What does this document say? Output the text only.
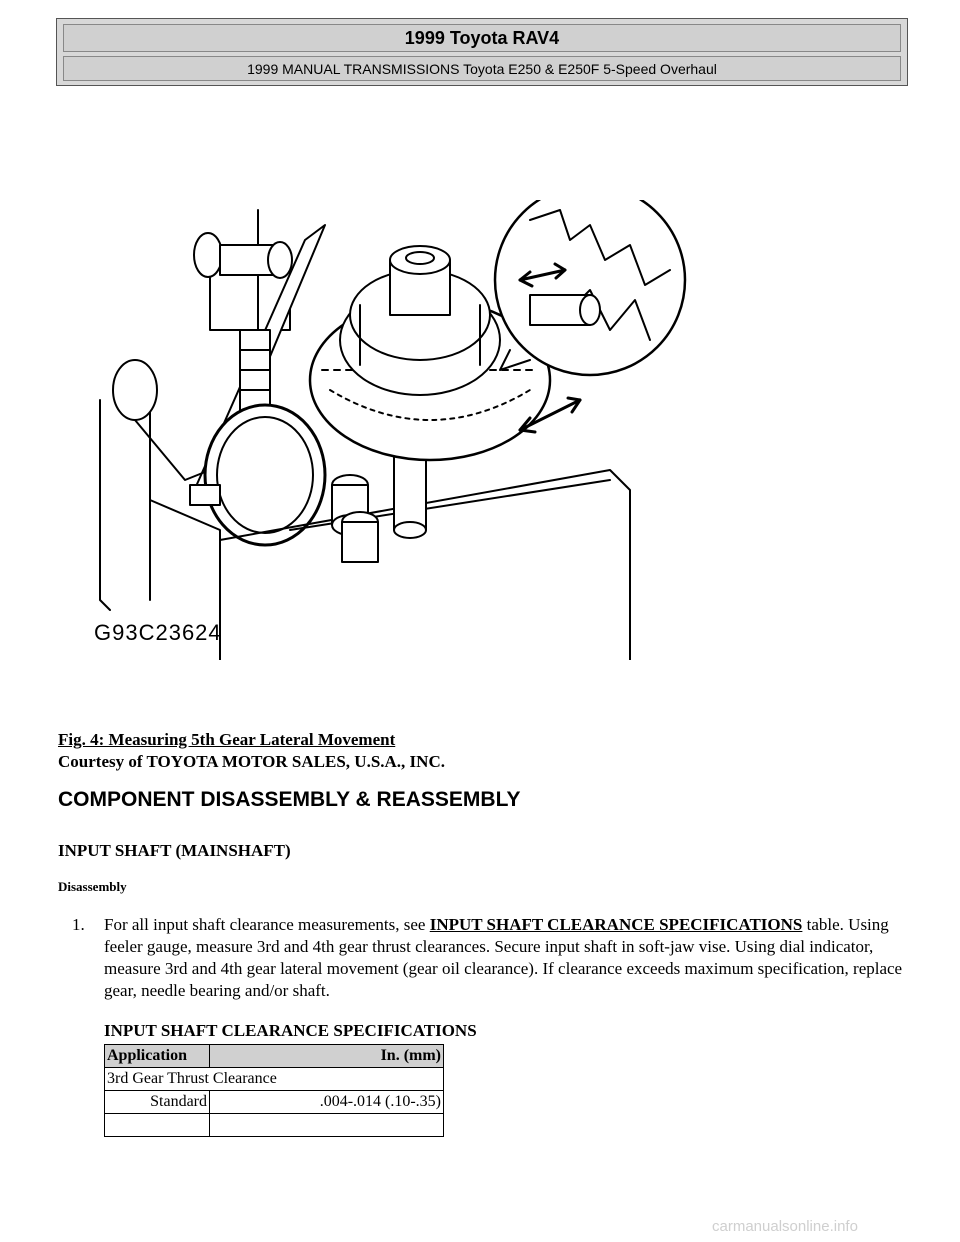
1999 Toyota RAV4
1999 MANUAL TRANSMISSIONS Toyota E250 & E250F 5-Speed Overhaul
G93C23624
Fig. 4: Measuring 5th Gear Lateral Movement
Courtesy of TOYOTA MOTOR SALES, U.S.A., INC.
COMPONENT DISASSEMBLY & REASSEMBLY
INPUT SHAFT (MAINSHAFT)
Disassembly
1. For all input shaft clearance measurements, see INPUT SHAFT CLEARANCE SPECIFICATIONS table. Using feeler gauge, measure 3rd and 4th gear thrust clearances. Secure input shaft in soft-jaw vise. Using dial indicator, measure 3rd and 4th gear lateral movement (gear oil clearance). If clearance exceeds maximum specification, replace gear, needle bearing and/or shaft.
INPUT SHAFT CLEARANCE SPECIFICATIONS
Application	In. (mm)
3rd Gear Thrust Clearance	
Standard	.004-.014 (.10-.35)

carmanualsonline.info
